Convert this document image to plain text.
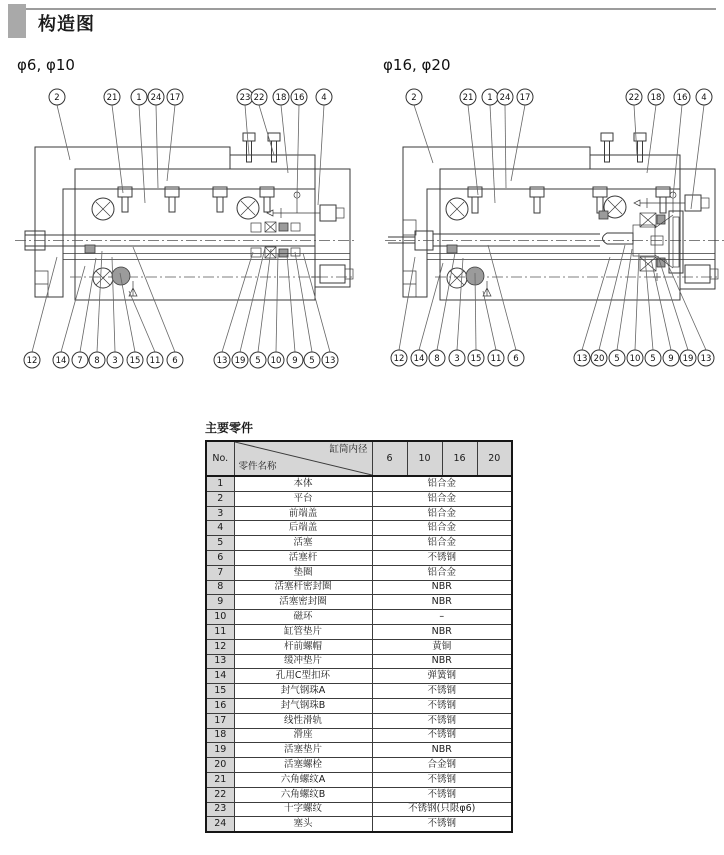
构造图
φ6, φ10	φ16, φ20
2	21 1 24 17	23 22 18 16 4
12 14 7 8 3 15 11 6	13 19 5 10 9 5 13
2	21 1 24 17	22 18 16 4
12 14 8 3 15 11 6	13 20 5 10 5 9 19 13
主要零件
No.	缸筒内径
零件名称	6	10	16	20
1	本体	铝合金			
2	平台	铝合金			
3	前端盖	铝合金			
4	后端盖	铝合金			
5	活塞	铝合金			
6	活塞杆	不锈钢			
7	垫圈	铝合金			
8	活塞杆密封圈	NBR			
9	活塞密封圈	NBR			
10	磁环	–			
11	缸管垫片	NBR			
12	杆前螺帽	黄铜			
13	缓冲垫片	NBR			
14	孔用C型扣环	弹簧钢			
15	封气钢珠A	不锈钢			
16	封气钢珠B	不锈钢			
17	线性滑轨	不锈钢			
18	滑座	不锈钢			
19	活塞垫片	NBR			
20	活塞螺栓	合金钢			
21	六角螺纹A	不锈钢			
22	六角螺纹B	不锈钢			
23	十字螺纹	不锈钢(只限φ6)			
24	塞头	不锈钢			
